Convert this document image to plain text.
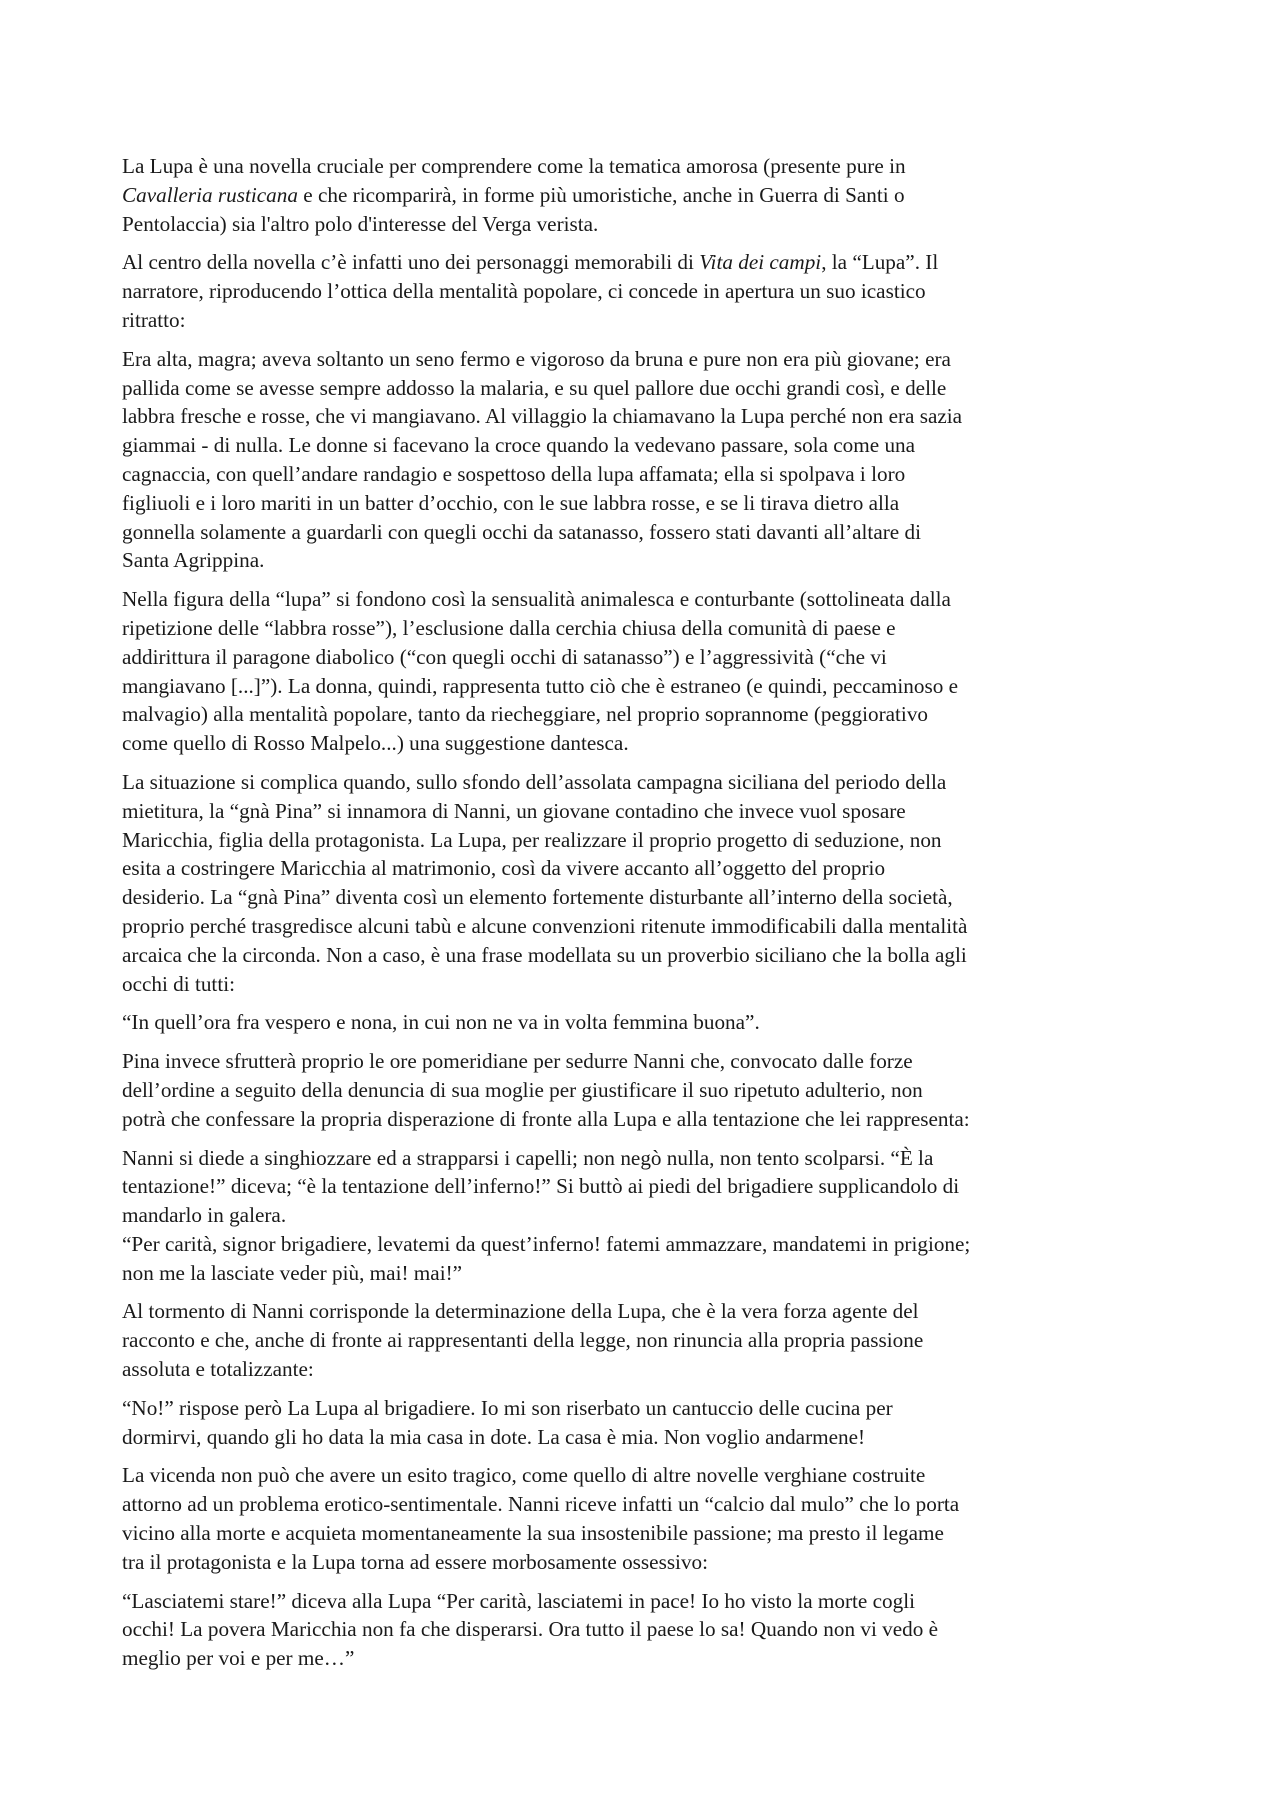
La Lupa è una novella cruciale per comprendere come la tematica amorosa (presente pure in
Cavalleria rusticana e che ricomparirà, in forme più umoristiche, anche in Guerra di Santi o
Pentolaccia) sia l'altro polo d'interesse del Verga verista.

Al centro della novella c’è infatti uno dei personaggi memorabili di Vita dei campi, la “Lupa”. Il
narratore, riproducendo l’ottica della mentalità popolare, ci concede in apertura un suo icastico
ritratto:

Era alta, magra; aveva soltanto un seno fermo e vigoroso da bruna e pure non era più giovane; era
pallida come se avesse sempre addosso la malaria, e su quel pallore due occhi grandi così, e delle
labbra fresche e rosse, che vi mangiavano. Al villaggio la chiamavano la Lupa perché non era sazia
giammai - di nulla. Le donne si facevano la croce quando la vedevano passare, sola come una
cagnaccia, con quell’andare randagio e sospettoso della lupa affamata; ella si spolpava i loro
figliuoli e i loro mariti in un batter d’occhio, con le sue labbra rosse, e se li tirava dietro alla
gonnella solamente a guardarli con quegli occhi da satanasso, fossero stati davanti all’altare di
Santa Agrippina.

Nella figura della “lupa” si fondono così la sensualità animalesca e conturbante (sottolineata dalla
ripetizione delle “labbra rosse”), l’esclusione dalla cerchia chiusa della comunità di paese e
addirittura il paragone diabolico (“con quegli occhi di satanasso”) e l’aggressività (“che vi
mangiavano [...]”). La donna, quindi, rappresenta tutto ciò che è estraneo (e quindi, peccaminoso e
malvagio) alla mentalità popolare, tanto da riecheggiare, nel proprio soprannome (peggiorativo
come quello di Rosso Malpelo...) una suggestione dantesca.

La situazione si complica quando, sullo sfondo dell’assolata campagna siciliana del periodo della
mietitura, la “gnà Pina” si innamora di Nanni, un giovane contadino che invece vuol sposare
Maricchia, figlia della protagonista. La Lupa, per realizzare il proprio progetto di seduzione, non
esita a costringere Maricchia al matrimonio, così da vivere accanto all’oggetto del proprio
desiderio. La “gnà Pina” diventa così un elemento fortemente disturbante all’interno della società,
proprio perché trasgredisce alcuni tabù e alcune convenzioni ritenute immodificabili dalla mentalità
arcaica che la circonda. Non a caso, è una frase modellata su un proverbio siciliano che la bolla agli
occhi di tutti:

“In quell’ora fra vespero e nona, in cui non ne va in volta femmina buona”.

Pina invece sfrutterà proprio le ore pomeridiane per sedurre Nanni che, convocato dalle forze
dell’ordine a seguito della denuncia di sua moglie per giustificare il suo ripetuto adulterio, non
potrà che confessare la propria disperazione di fronte alla Lupa e alla tentazione che lei rappresenta:

Nanni si diede a singhiozzare ed a strapparsi i capelli; non negò nulla, non tento scolparsi. “È la
tentazione!” diceva; “è la tentazione dell’inferno!” Si buttò ai piedi del brigadiere supplicandolo di
mandarlo in galera.
“Per carità, signor brigadiere, levatemi da quest’inferno! fatemi ammazzare, mandatemi in prigione;
non me la lasciate veder più, mai! mai!”

Al tormento di Nanni corrisponde la determinazione della Lupa, che è la vera forza agente del
racconto e che, anche di fronte ai rappresentanti della legge, non rinuncia alla propria passione
assoluta e totalizzante:

“No!” rispose però La Lupa al brigadiere. Io mi son riserbato un cantuccio delle cucina per
dormirvi, quando gli ho data la mia casa in dote. La casa è mia. Non voglio andarmene!

La vicenda non può che avere un esito tragico, come quello di altre novelle verghiane costruite
attorno ad un problema erotico-sentimentale. Nanni riceve infatti un “calcio dal mulo” che lo porta
vicino alla morte e acquieta momentaneamente la sua insostenibile passione; ma presto il legame
tra il protagonista e la Lupa torna ad essere morbosamente ossessivo:

“Lasciatemi stare!” diceva alla Lupa “Per carità, lasciatemi in pace! Io ho visto la morte cogli
occhi! La povera Maricchia non fa che disperarsi. Ora tutto il paese lo sa! Quando non vi vedo è
meglio per voi e per me…”
